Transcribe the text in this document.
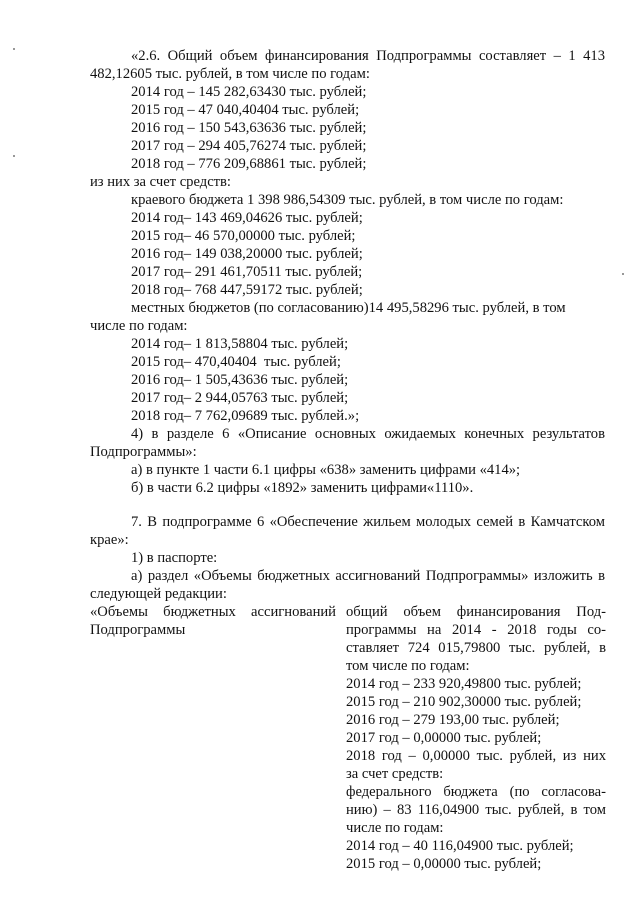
«2.6. Общий объем финансирования Подпрограммы составляет – 1 413
482,12605 тыс. рублей, в том числе по годам:
2014 год – 145 282,63430 тыс. рублей;
2015 год – 47 040,40404 тыс. рублей;
2016 год – 150 543,63636 тыс. рублей;
2017 год – 294 405,76274 тыс. рублей;
2018 год – 776 209,68861 тыс. рублей;
из них за счет средств:
краевого бюджета 1 398 986,54309 тыс. рублей, в том числе по годам:
2014 год– 143 469,04626 тыс. рублей;
2015 год– 46 570,00000 тыс. рублей;
2016 год– 149 038,20000 тыс. рублей;
2017 год– 291 461,70511 тыс. рублей;
2018 год– 768 447,59172 тыс. рублей;
местных бюджетов (по согласованию)14 495,58296 тыс. рублей, в том
числе по годам:
2014 год– 1 813,58804 тыс. рублей;
2015 год– 470,40404  тыс. рублей;
2016 год– 1 505,43636 тыс. рублей;
2017 год– 2 944,05763 тыс. рублей;
2018 год– 7 762,09689 тыс. рублей.»;
4) в разделе 6 «Описание основных ожидаемых конечных результатов
Подпрограммы»:
а) в пункте 1 части 6.1 цифры «638» заменить цифрами «414»;
б) в части 6.2 цифры «1892» заменить цифрами«1110».
7. В подпрограмме 6 «Обеспечение жильем молодых семей в Камчатском
крае»:
1) в паспорте:
а) раздел «Объемы бюджетных ассигнований Подпрограммы» изложить в
следующей редакции:
«Объемы бюджетных ассигнований
Подпрограммы
общий объем финансирования Под-
программы на 2014 - 2018 годы со-
ставляет 724 015,79800 тыс. рублей, в
том числе по годам:
2014 год – 233 920,49800 тыс. рублей;
2015 год – 210 902,30000 тыс. рублей;
2016 год – 279 193,00 тыс. рублей;
2017 год – 0,00000 тыс. рублей;
2018 год – 0,00000 тыс. рублей, из них
за счет средств:
федерального бюджета (по согласова-
нию) – 83 116,04900 тыс. рублей, в том
числе по годам:
2014 год – 40 116,04900 тыс. рублей;
2015 год – 0,00000 тыс. рублей;
